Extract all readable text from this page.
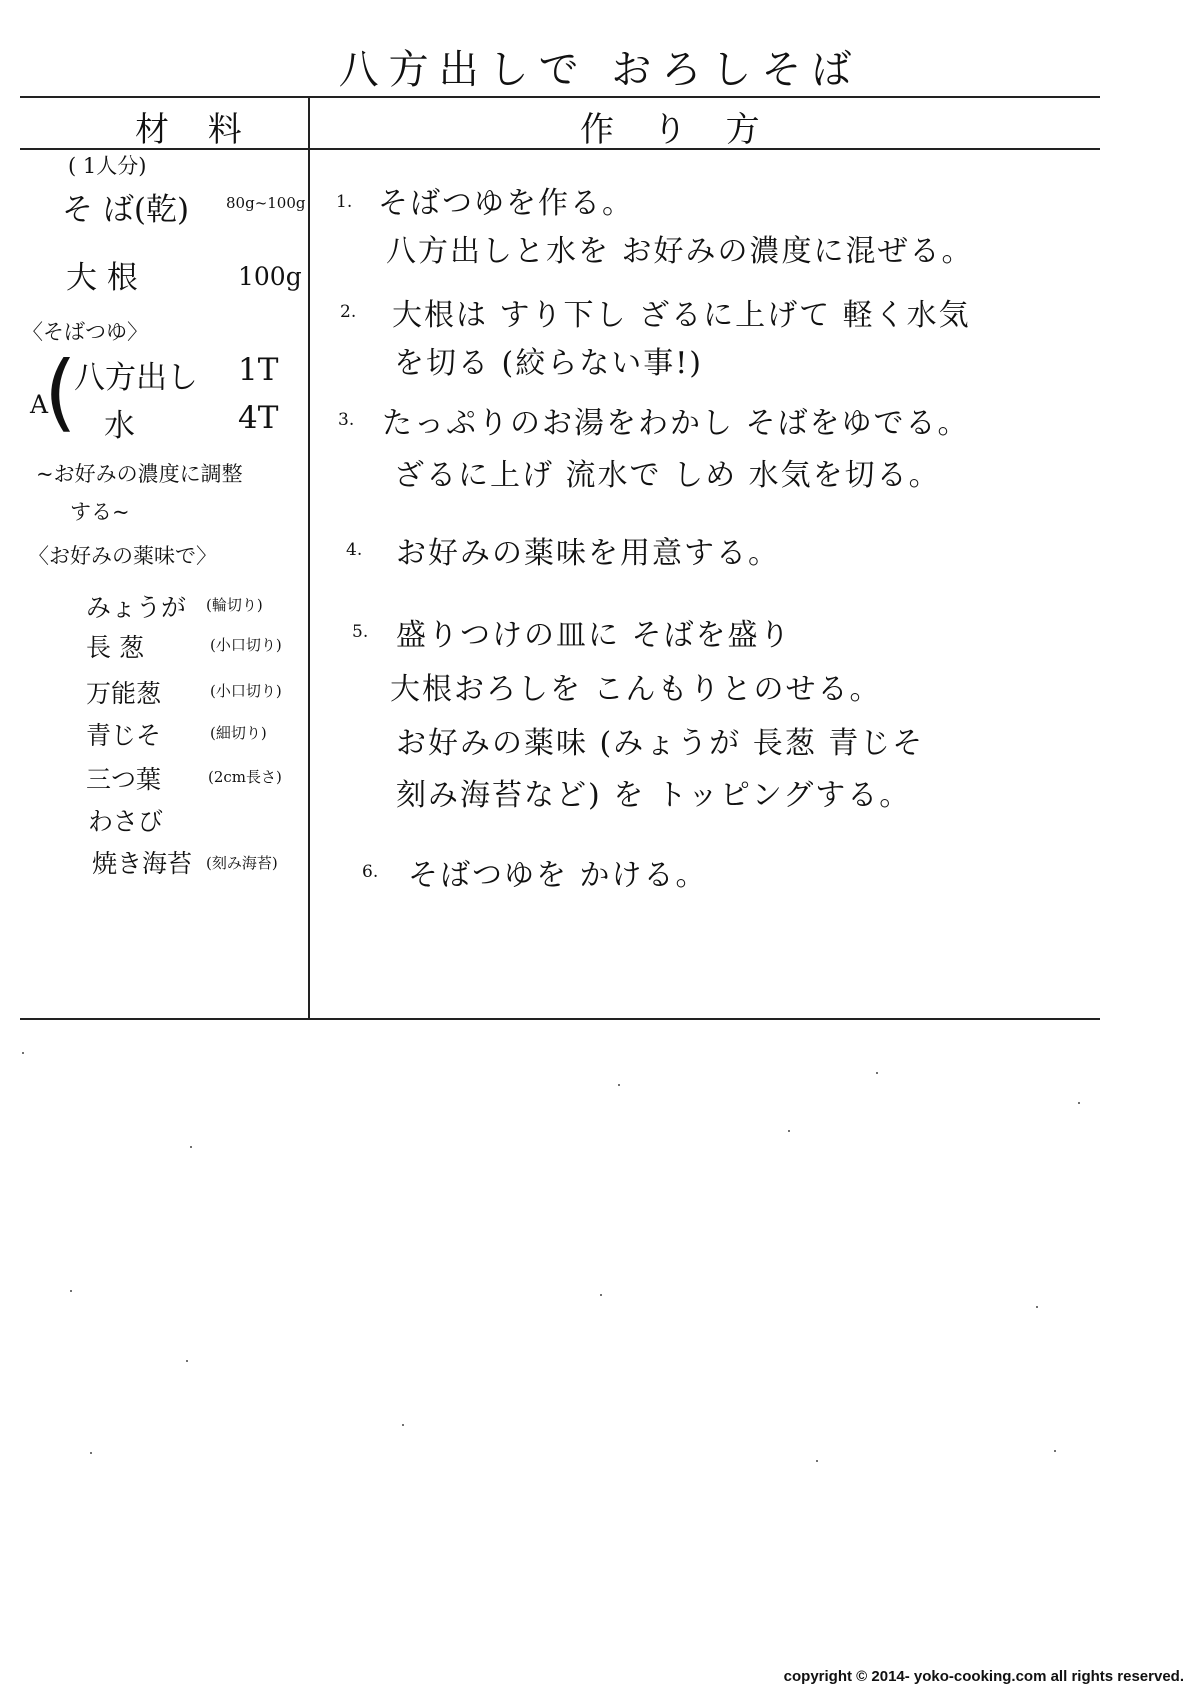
八方出しで おろしそば
材 料	作 り 方
( 1人分)
そ ば(乾) 80g~100g
大 根	100g
〈そばつゆ〉
A
(
八方出し 1T
水	4T
~お好みの濃度に調整
する~
〈お好みの薬味で〉
みょうが (輪切り)
長 葱	(小口切り)
万能葱	(小口切り)
青じそ	(細切り)
三つ葉	(2cm長さ)
わさび
焼き海苔 (刻み海苔)
1. そばつゆを作る。
八方出しと水を お好みの濃度に混ぜる。
2. 大根は すり下し ざるに上げて 軽く水気
を切る (絞らない事!)
3. たっぷりのお湯をわかし そばをゆでる。
ざるに上げ 流水で しめ 水気を切る。
4. お好みの薬味を用意する。
5. 盛りつけの皿に そばを盛り
大根おろしを こんもりとのせる。
お好みの薬味 (みょうが 長葱 青じそ
刻み海苔など) を トッピングする。
6. そばつゆを かける。
copyright © 2014- yoko-cooking.com all rights reserved.
